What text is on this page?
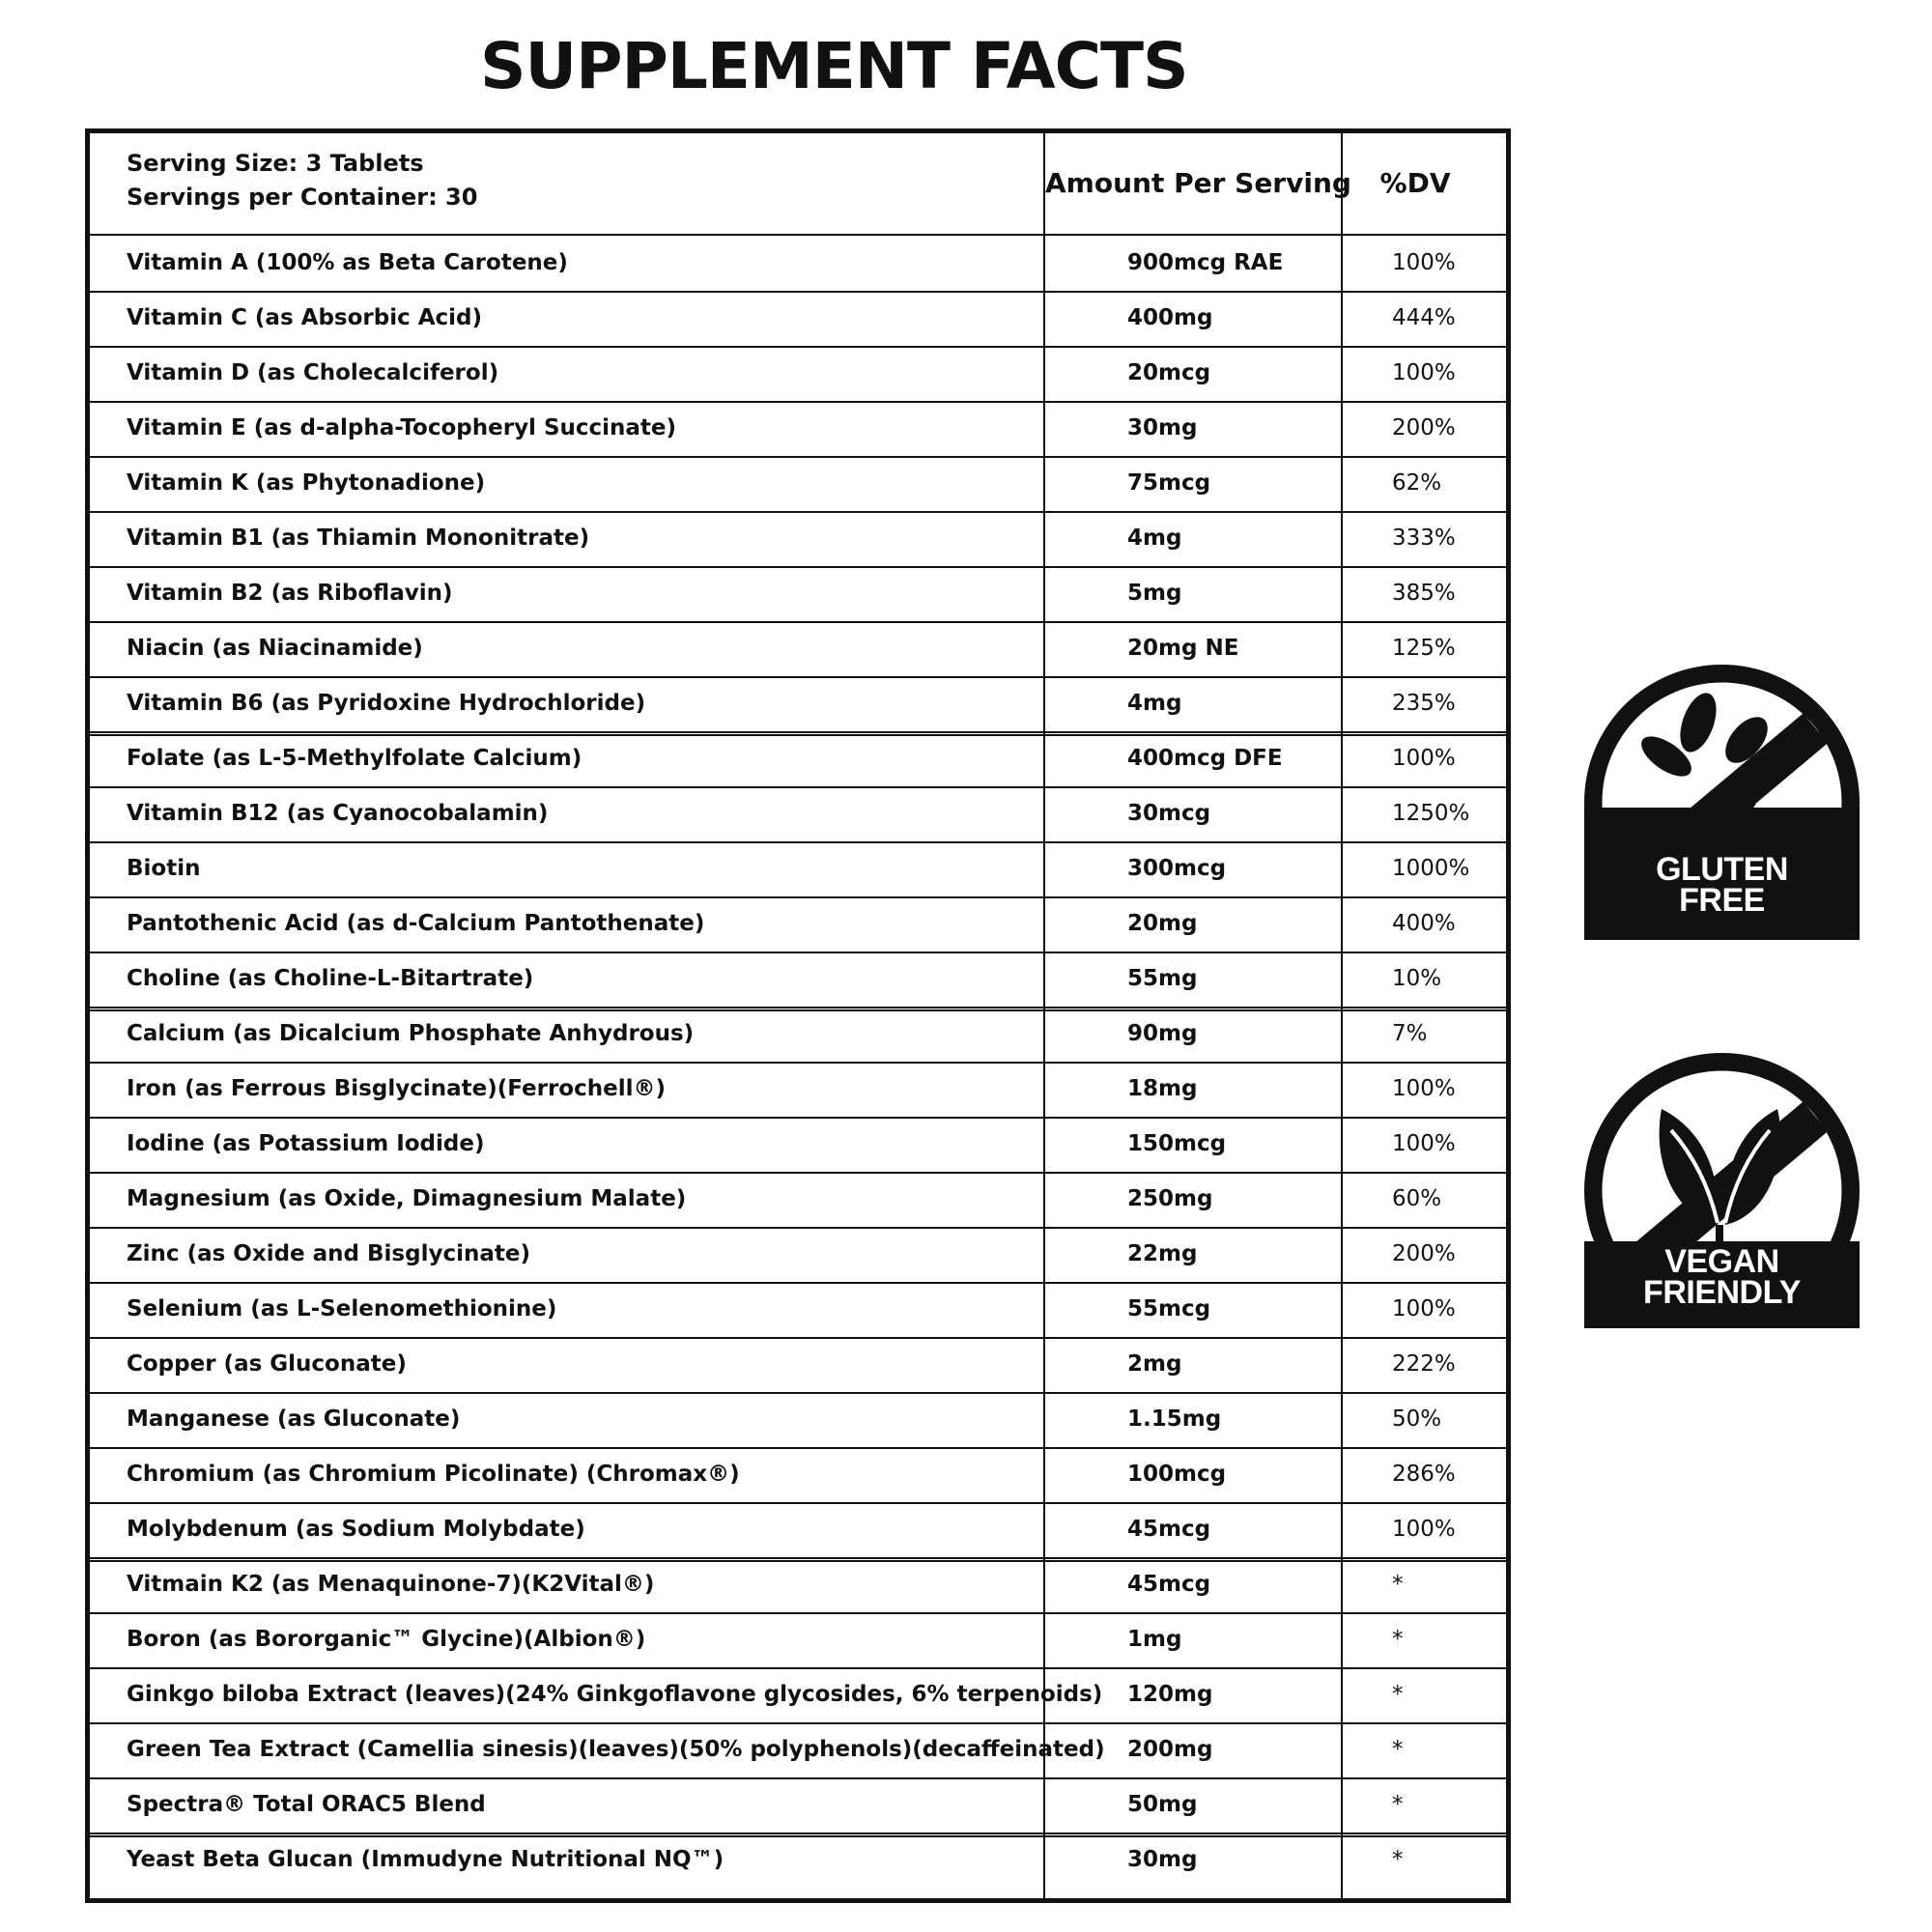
SUPPLEMENT FACTS
Serving Size: 3 Tablets
Servings per Container: 30	Amount Per Serving	%DV
Vitamin A (100% as Beta Carotene)	900mcg RAE	100%
Vitamin C (as Absorbic Acid)	400mg	444%
Vitamin D (as Cholecalciferol)	20mcg	100%
Vitamin E (as d-alpha-Tocopheryl Succinate)	30mg	200%
Vitamin K (as Phytonadione)	75mcg	62%
Vitamin B1 (as Thiamin Mononitrate)	4mg	333%
Vitamin B2 (as Riboflavin)	5mg	385%
Niacin (as Niacinamide)	20mg NE	125%
Vitamin B6 (as Pyridoxine Hydrochloride)	4mg	235%
Folate (as L-5-Methylfolate Calcium)	400mcg DFE	100%
Vitamin B12 (as Cyanocobalamin)	30mcg	1250%
Biotin	300mcg	1000%
Pantothenic Acid (as d-Calcium Pantothenate)	20mg	400%
Choline (as Choline-L-Bitartrate)	55mg	10%
Calcium (as Dicalcium Phosphate Anhydrous)	90mg	7%
Iron (as Ferrous Bisglycinate)(Ferrochell®)	18mg	100%
Iodine (as Potassium Iodide)	150mcg	100%
Magnesium (as Oxide, Dimagnesium Malate)	250mg	60%
Zinc (as Oxide and Bisglycinate)	22mg	200%
Selenium (as L-Selenomethionine)	55mcg	100%
Copper (as Gluconate)	2mg	222%
Manganese (as Gluconate)	1.15mg	50%
Chromium (as Chromium Picolinate) (Chromax®)	100mcg	286%
Molybdenum (as Sodium Molybdate)	45mcg	100%
Vitmain K2 (as Menaquinone-7)(K2Vital®)	45mcg	*
Boron (as Bororganic™ Glycine)(Albion®)	1mg	*
Ginkgo biloba Extract (leaves)(24% Ginkgoflavone glycosides, 6% terpenoids) 120mg	*
Green Tea Extract (Camellia sinesis)(leaves)(50% polyphenols)(decaffeinated) 200mg	*
Spectra® Total ORAC5 Blend	50mg	*
Yeast Beta Glucan (Immudyne Nutritional NQ™)	30mg	*
GLUTEN
FREE
VEGAN
FRIENDLY
